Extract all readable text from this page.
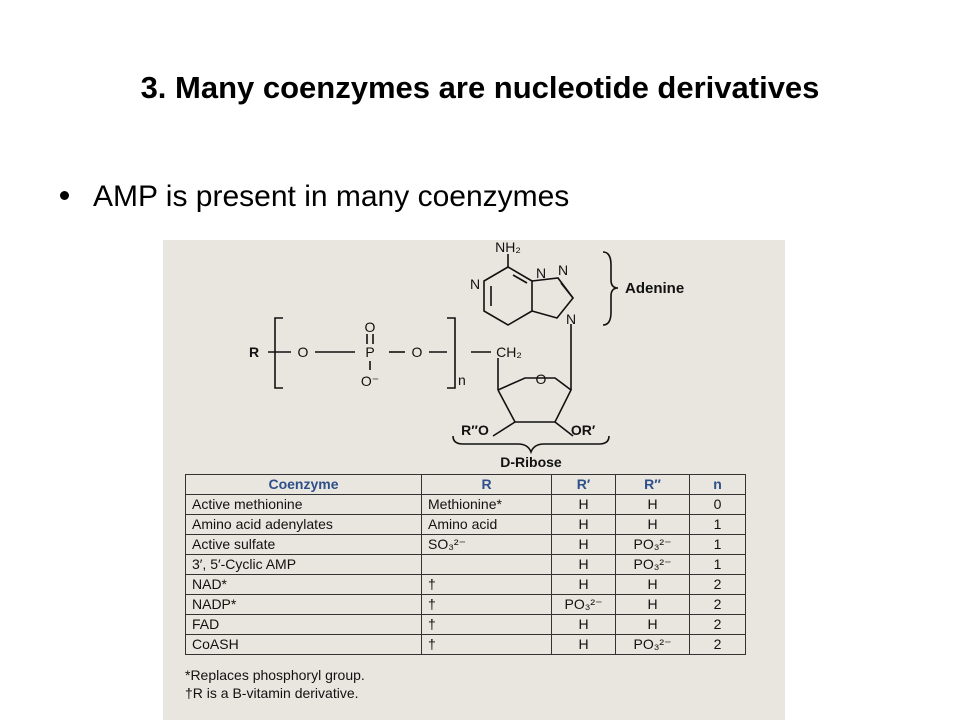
3. Many coenzymes are nucleotide derivatives
AMP is present in many coenzymes
NH₂
N
N
N
N
Adenine
R	O	P	O
O
O⁻	n
CH₂
O
R″O	OR′
D-Ribose
Coenzyme	R	R′	R″	n
Active methionine	Methionine*	H	H	0
Amino acid adenylates	Amino acid	H	H	1
Active sulfate	SO₃²⁻	H	PO₃²⁻	1
3′, 5′-Cyclic AMP		H	PO₃²⁻	1
NAD*	†	H	H	2
NADP*	†	PO₃²⁻	H	2
FAD	†	H	H	2
CoASH	†	H	PO₃²⁻	2
*Replaces phosphoryl group.
†R is a B-vitamin derivative.
